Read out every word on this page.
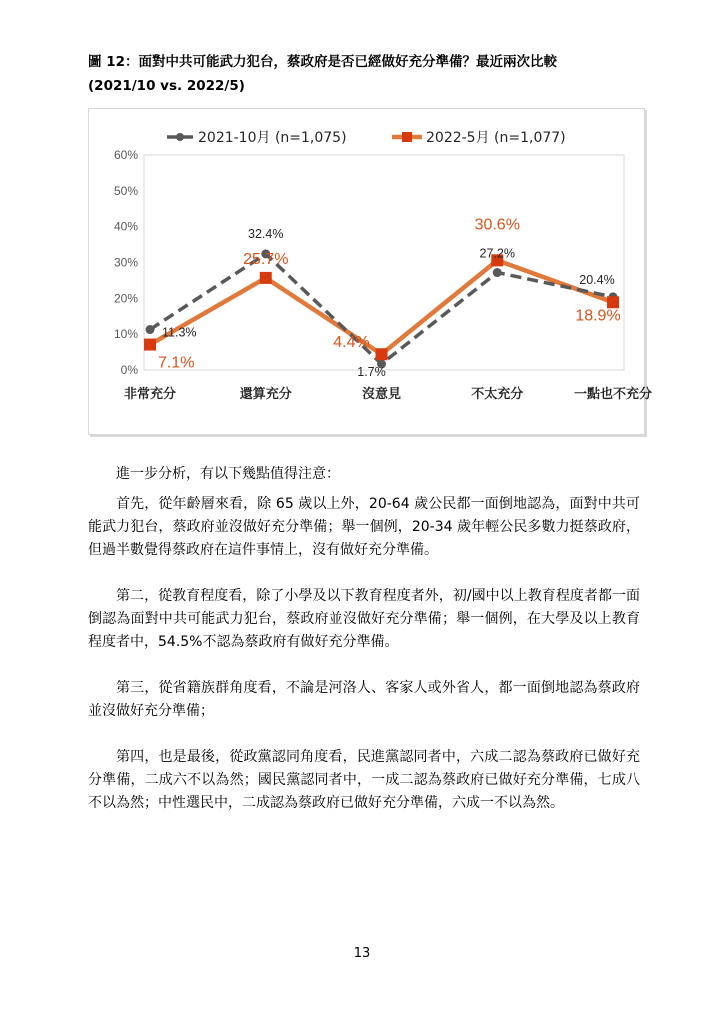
圖 12：面對中共可能武力犯台，蔡政府是否已經做好充分準備？最近兩次比較
(2021/10 vs. 2022/5)
0%
10%
20%
30%
40%
50%
60%
非常充分	還算充分	沒意見	不太充分	一點也不充分
2021-10月 (n=1,075)	2022-5月 (n=1,077)
11.3%
32.4%
1.7%
27.2%
20.4%
7.1%
25.7%
4.4%
30.6%
18.9%

進一步分析，有以下幾點值得注意：

首先，從年齡層來看，除 65 歲以上外，20-64 歲公民都一面倒地認為，面對中共可能武力犯台，蔡政府並沒做好充分準備；舉一個例，20-34 歲年輕公民多數力挺蔡政府，但過半數覺得蔡政府在這件事情上，沒有做好充分準備。

第二，從教育程度看，除了小學及以下教育程度者外，初/國中以上教育程度者都一面倒認為面對中共可能武力犯台，蔡政府並沒做好充分準備；舉一個例，在大學及以上教育程度者中，54.5%不認為蔡政府有做好充分準備。

第三，從省籍族群角度看，不論是河洛人、客家人或外省人，都一面倒地認為蔡政府並沒做好充分準備；

第四，也是最後，從政黨認同角度看，民進黨認同者中，六成二認為蔡政府已做好充分準備，二成六不以為然；國民黨認同者中，一成二認為蔡政府已做好充分準備，七成八不以為然；中性選民中，二成認為蔡政府已做好充分準備，六成一不以為然。

13
